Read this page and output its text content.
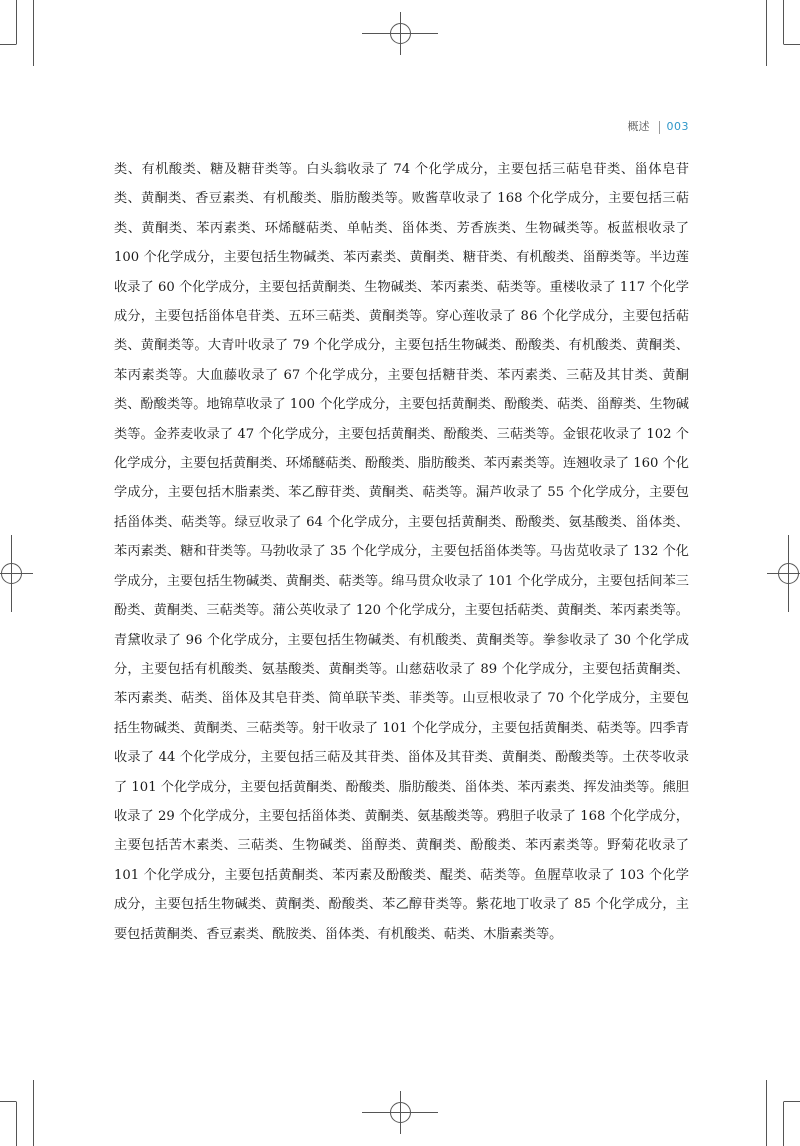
概述 003

类、有机酸类、糖及糖苷类等。白头翁收录了 74 个化学成分，主要包括三萜皂苷类、甾体皂苷类、黄酮类、香豆素类、有机酸类、脂肪酸类等。败酱草收录了 168 个化学成分，主要包括三萜类、黄酮类、苯丙素类、环烯醚萜类、单帖类、甾体类、芳香族类、生物碱类等。板蓝根收录了 100 个化学成分，主要包括生物碱类、苯丙素类、黄酮类、糖苷类、有机酸类、甾醇类等。半边莲收录了 60 个化学成分，主要包括黄酮类、生物碱类、苯丙素类、萜类等。重楼收录了 117 个化学成分，主要包括甾体皂苷类、五环三萜类、黄酮类等。穿心莲收录了 86 个化学成分，主要包括萜类、黄酮类等。大青叶收录了 79 个化学成分，主要包括生物碱类、酚酸类、有机酸类、黄酮类、苯丙素类等。大血藤收录了 67 个化学成分，主要包括糖苷类、苯丙素类、三萜及其甘类、黄酮类、酚酸类等。地锦草收录了 100 个化学成分，主要包括黄酮类、酚酸类、萜类、甾醇类、生物碱类等。金荞麦收录了 47 个化学成分，主要包括黄酮类、酚酸类、三萜类等。金银花收录了 102 个化学成分，主要包括黄酮类、环烯醚萜类、酚酸类、脂肪酸类、苯丙素类等。连翘收录了 160 个化学成分，主要包括木脂素类、苯乙醇苷类、黄酮类、萜类等。漏芦收录了 55 个化学成分，主要包括甾体类、萜类等。绿豆收录了 64 个化学成分，主要包括黄酮类、酚酸类、氨基酸类、甾体类、苯丙素类、糖和苷类等。马勃收录了 35 个化学成分，主要包括甾体类等。马齿苋收录了 132 个化学成分，主要包括生物碱类、黄酮类、萜类等。绵马贯众收录了 101 个化学成分，主要包括间苯三酚类、黄酮类、三萜类等。蒲公英收录了 120 个化学成分，主要包括萜类、黄酮类、苯丙素类等。青黛收录了 96 个化学成分，主要包括生物碱类、有机酸类、黄酮类等。拳参收录了 30 个化学成分，主要包括有机酸类、氨基酸类、黄酮类等。山慈菇收录了 89 个化学成分，主要包括黄酮类、苯丙素类、萜类、甾体及其皂苷类、简单联苄类、菲类等。山豆根收录了 70 个化学成分，主要包括生物碱类、黄酮类、三萜类等。射干收录了 101 个化学成分，主要包括黄酮类、萜类等。四季青收录了 44 个化学成分，主要包括三萜及其苷类、甾体及其苷类、黄酮类、酚酸类等。土茯苓收录了 101 个化学成分，主要包括黄酮类、酚酸类、脂肪酸类、甾体类、苯丙素类、挥发油类等。熊胆收录了 29 个化学成分，主要包括甾体类、黄酮类、氨基酸类等。鸦胆子收录了 168 个化学成分，主要包括苦木素类、三萜类、生物碱类、甾醇类、黄酮类、酚酸类、苯丙素类等。野菊花收录了 101 个化学成分，主要包括黄酮类、苯丙素及酚酸类、醌类、萜类等。鱼腥草收录了 103 个化学成分，主要包括生物碱类、黄酮类、酚酸类、苯乙醇苷类等。紫花地丁收录了 85 个化学成分，主要包括黄酮类、香豆素类、酰胺类、甾体类、有机酸类、萜类、木脂素类等。
